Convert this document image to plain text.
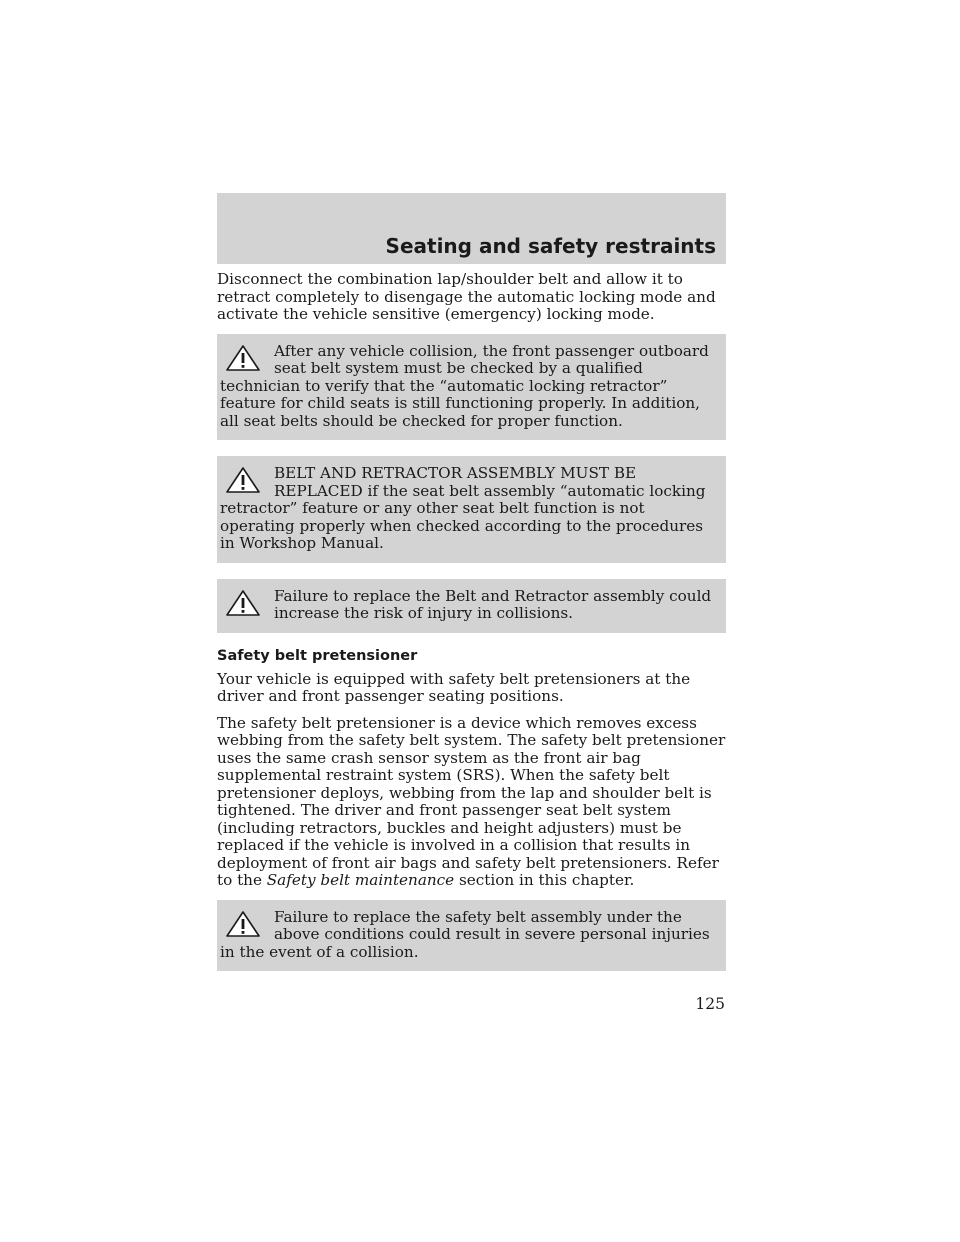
Seating and safety restraints

Disconnect the combination lap/shoulder belt and allow it to retract completely to disengage the automatic locking mode and activate the vehicle sensitive (emergency) locking mode.

After any vehicle collision, the front passenger outboard seat belt system must be checked by a qualified technician to verify that the “automatic locking retractor” feature for child seats is still functioning properly. In addition, all seat belts should be checked for proper function.
BELT AND RETRACTOR ASSEMBLY MUST BE REPLACED if the seat belt assembly “automatic locking retractor” feature or any other seat belt function is not operating properly when checked according to the procedures in Workshop Manual.
Failure to replace the Belt and Retractor assembly could increase the risk of injury in collisions.
Safety belt pretensioner

Your vehicle is equipped with safety belt pretensioners at the driver and front passenger seating positions.

The safety belt pretensioner is a device which removes excess webbing from the safety belt system. The safety belt pretensioner uses the same crash sensor system as the front air bag supplemental restraint system (SRS). When the safety belt pretensioner deploys, webbing from the lap and shoulder belt is tightened. The driver and front passenger seat belt system (including retractors, buckles and height adjusters) must be replaced if the vehicle is involved in a collision that results in deployment of front air bags and safety belt pretensioners. Refer to the Safety belt maintenance section in this chapter.

Failure to replace the safety belt assembly under the above conditions could result in severe personal injuries in the event of a collision.
125
